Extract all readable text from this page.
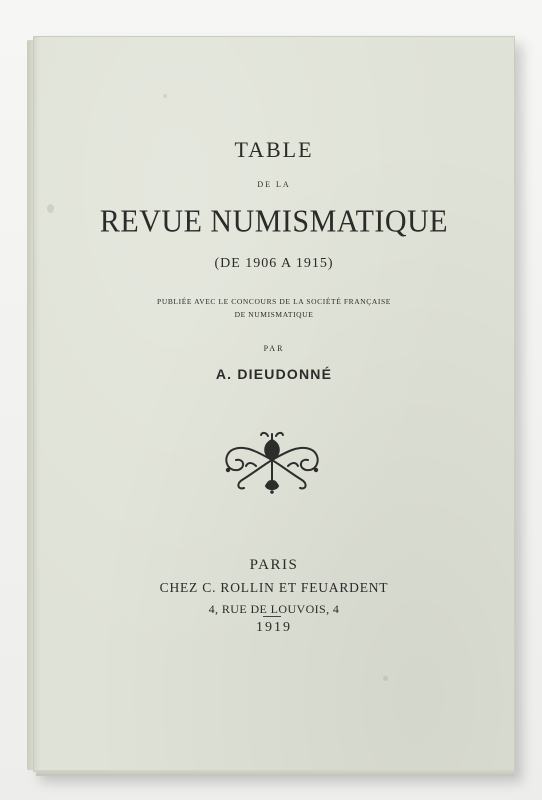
TABLE
DE LA
REVUE NUMISMATIQUE
(DE 1906 A 1915)
PUBLIÉE AVEC LE CONCOURS DE LA SOCIÉTÉ FRANÇAISE
DE NUMISMATIQUE
PAR
A. DIEUDONNÉ
PARIS
CHEZ C. ROLLIN ET FEUARDENT
4, RUE DE LOUVOIS, 4
1919
